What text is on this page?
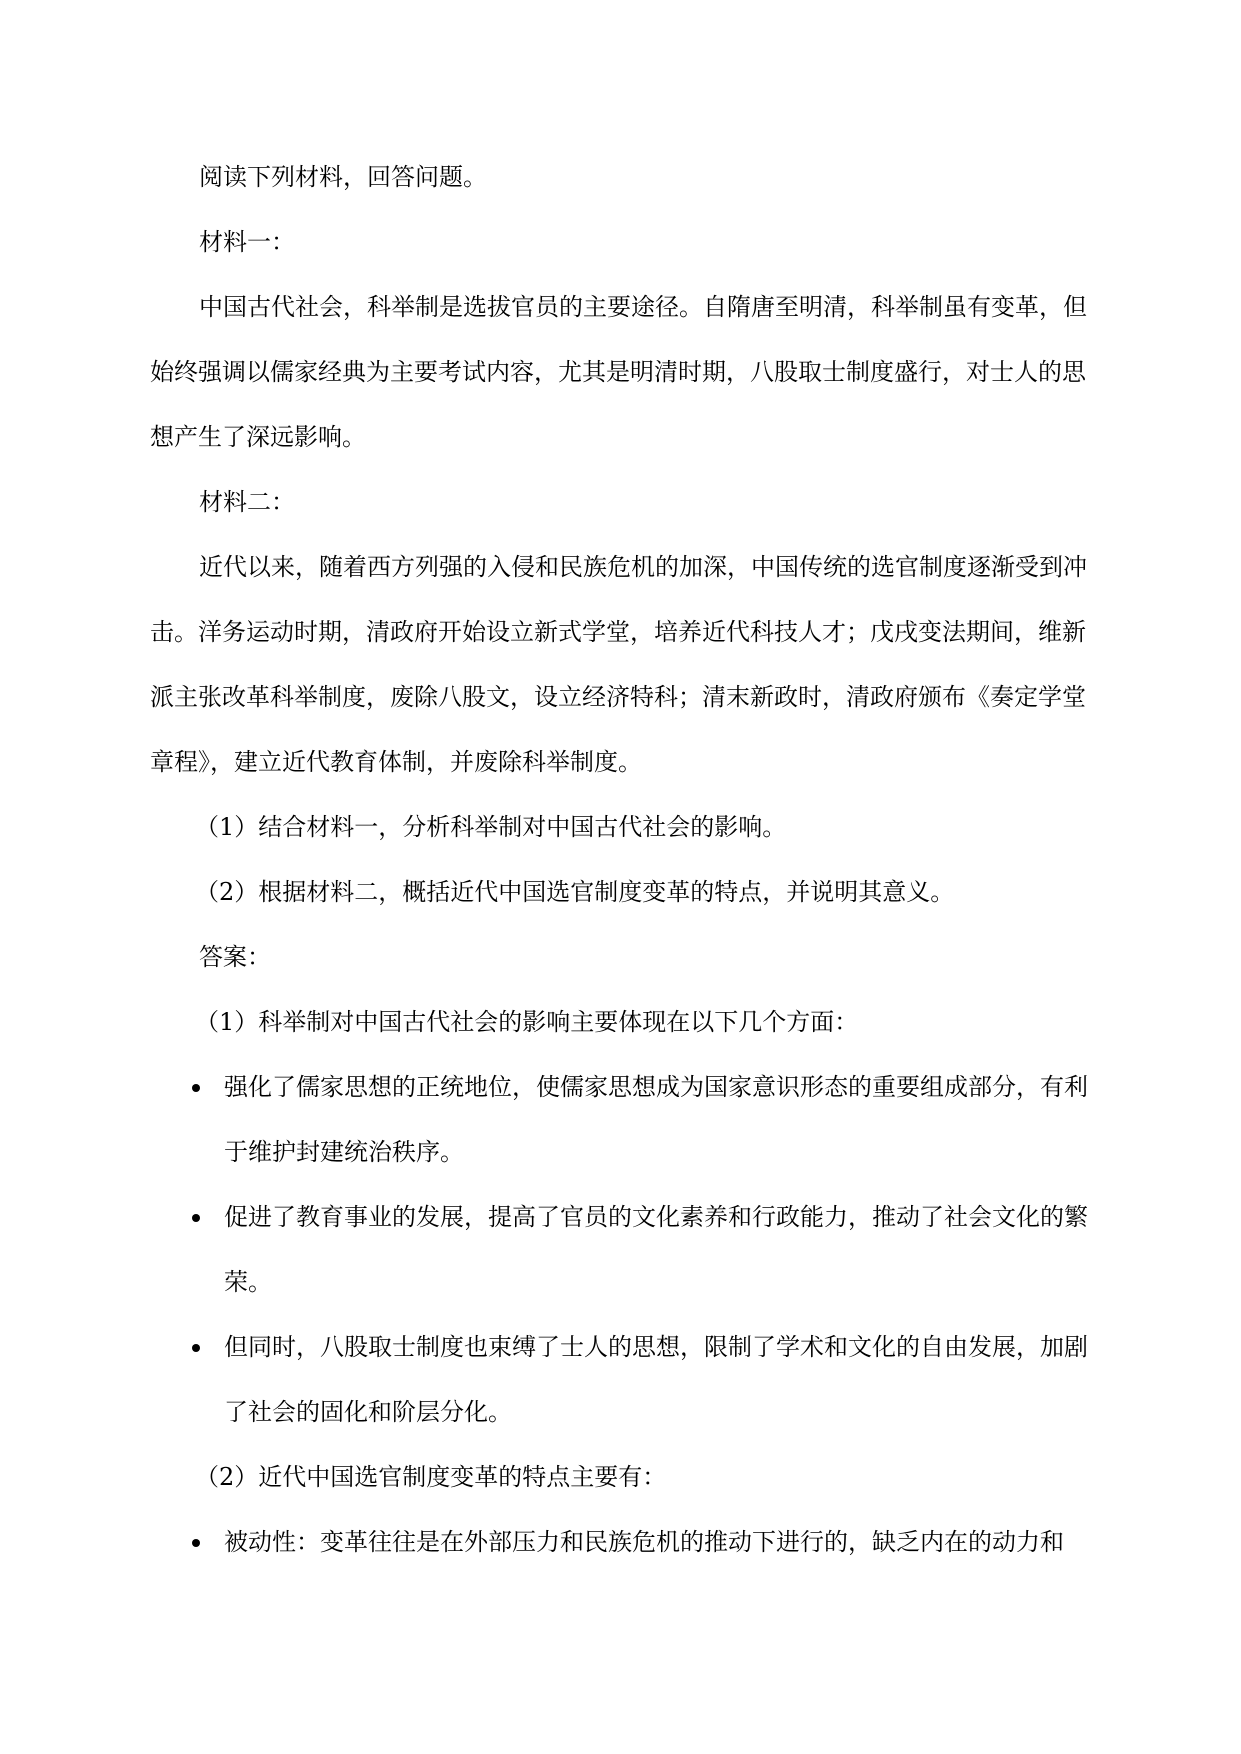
阅读下列材料，回答问题。

材料一：

中国古代社会，科举制是选拔官员的主要途径。自隋唐至明清，科举制虽有变革，但始终强调以儒家经典为主要考试内容，尤其是明清时期，八股取士制度盛行，对士人的思想产生了深远影响。

材料二：

近代以来，随着西方列强的入侵和民族危机的加深，中国传统的选官制度逐渐受到冲击。洋务运动时期，清政府开始设立新式学堂，培养近代科技人才；戊戌变法期间，维新派主张改革科举制度，废除八股文，设立经济特科；清末新政时，清政府颁布《奏定学堂章程》，建立近代教育体制，并废除科举制度。

（1）结合材料一，分析科举制对中国古代社会的影响。

（2）根据材料二，概括近代中国选官制度变革的特点，并说明其意义。

答案：

（1）科举制对中国古代社会的影响主要体现在以下几个方面：

强化了儒家思想的正统地位，使儒家思想成为国家意识形态的重要组成部分，有利于维护封建统治秩序。
促进了教育事业的发展，提高了官员的文化素养和行政能力，推动了社会文化的繁荣。
但同时，八股取士制度也束缚了士人的思想，限制了学术和文化的自由发展，加剧了社会的固化和阶层分化。

（2）近代中国选官制度变革的特点主要有：

被动性：变革往往是在外部压力和民族危机的推动下进行的，缺乏内在的动力和
